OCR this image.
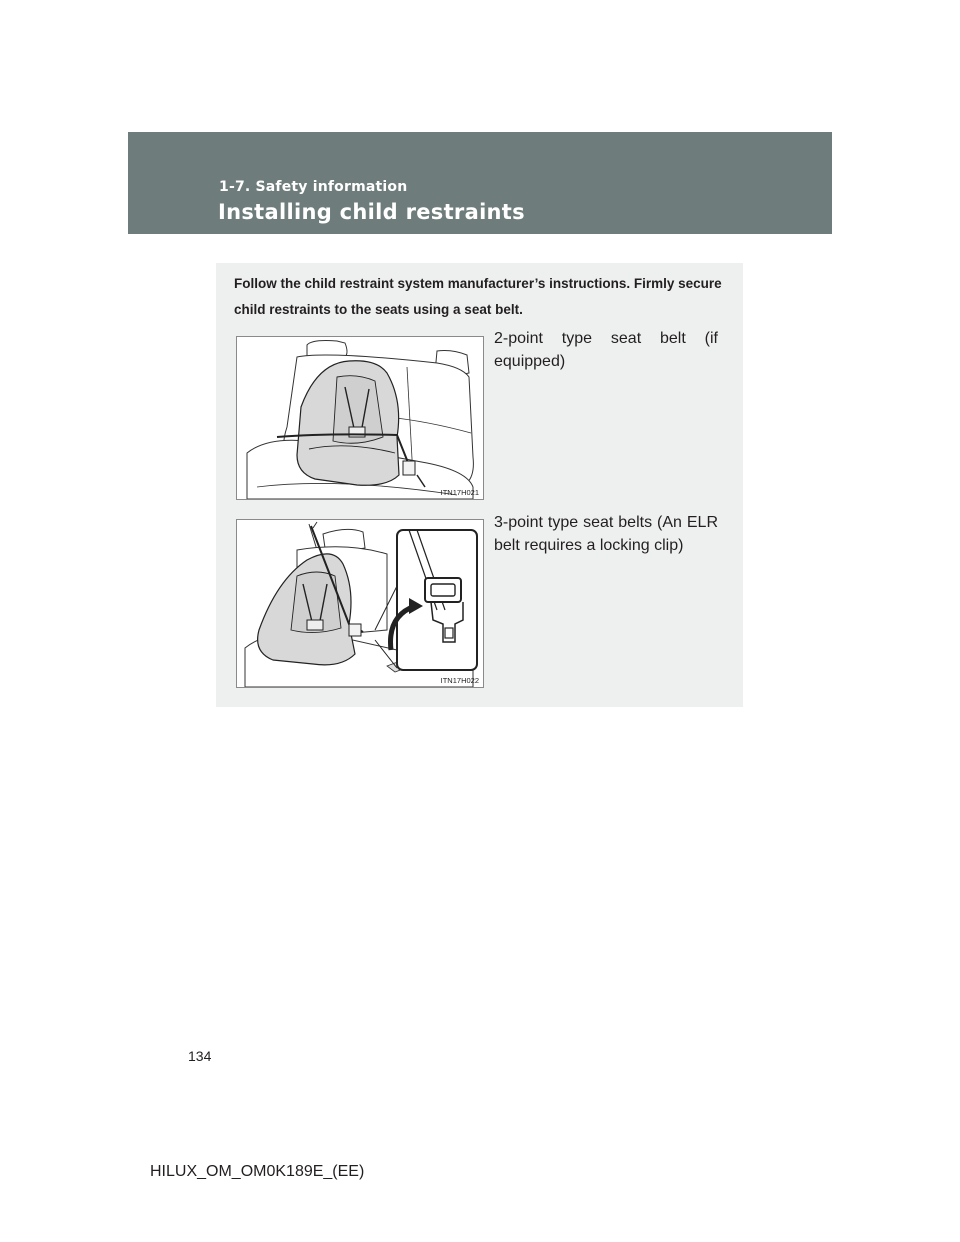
1-7. Safety information
Installing child restraints
Follow the child restraint system manufacturer’s instructions. Firmly secure child restraints to the seats using a seat belt.
ITN17H021
2-point type seat belt (if equipped)
ITN17H022
3-point type seat belts (An ELR belt requires a locking clip)
134
HILUX_OM_OM0K189E_(EE)
